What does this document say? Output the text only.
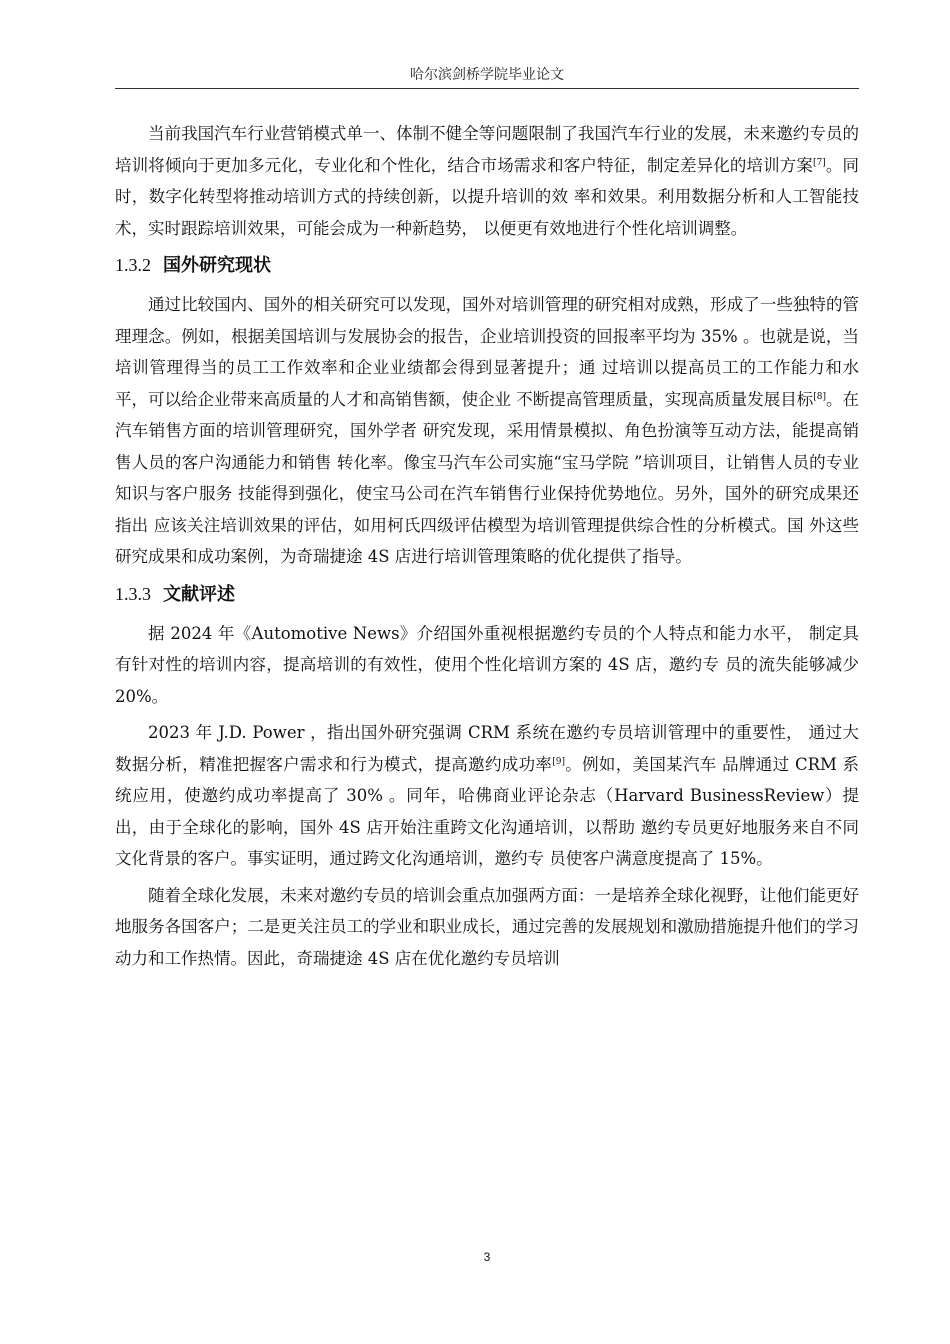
哈尔滨剑桥学院毕业论文

当前我国汽车行业营销模式单一、体制不健全等问题限制了我国汽车行业的发展，未来邀约专员的培训将倾向于更加多元化，专业化和个性化，结合市场需求和客户特征，制定差异化的培训方案[7]。同时，数字化转型将推动培训方式的持续创新，以提升培训的效 率和效果。利用数据分析和人工智能技术，实时跟踪培训效果，可能会成为一种新趋势， 以便更有效地进行个性化培训调整。

1.3.2 国外研究现状

通过比较国内、国外的相关研究可以发现，国外对培训管理的研究相对成熟，形成了一些独特的管理理念。例如，根据美国培训与发展协会的报告，企业培训投资的回报率平均为 35% 。也就是说，当培训管理得当的员工工作效率和企业业绩都会得到显著提升；通 过培训以提高员工的工作能力和水平，可以给企业带来高质量的人才和高销售额，使企业 不断提高管理质量，实现高质量发展目标[8]。在汽车销售方面的培训管理研究，国外学者 研究发现，采用情景模拟、角色扮演等互动方法，能提高销售人员的客户沟通能力和销售 转化率。像宝马汽车公司实施“宝马学院 ”培训项目，让销售人员的专业知识与客户服务 技能得到强化，使宝马公司在汽车销售行业保持优势地位。另外，国外的研究成果还指出 应该关注培训效果的评估，如用柯氏四级评估模型为培训管理提供综合性的分析模式。国 外这些研究成果和成功案例，为奇瑞捷途 4S 店进行培训管理策略的优化提供了指导。

1.3.3 文献评述

据 2024 年《Automotive News》介绍国外重视根据邀约专员的个人特点和能力水平， 制定具有针对性的培训内容，提高培训的有效性，使用个性化培训方案的 4S 店，邀约专 员的流失能够减少 20%。

2023 年 J.D. Power ，指出国外研究强调 CRM 系统在邀约专员培训管理中的重要性， 通过大数据分析，精准把握客户需求和行为模式，提高邀约成功率[9]。例如，美国某汽车 品牌通过 CRM 系统应用，使邀约成功率提高了 30% 。同年，哈佛商业评论杂志（Harvard BusinessReview）提出，由于全球化的影响，国外 4S 店开始注重跨文化沟通培训，以帮助 邀约专员更好地服务来自不同文化背景的客户。事实证明，通过跨文化沟通培训，邀约专 员使客户满意度提高了 15%。

随着全球化发展，未来对邀约专员的培训会重点加强两方面：一是培养全球化视野，让他们能更好地服务各国客户；二是更关注员工的学业和职业成长，通过完善的发展规划和激励措施提升他们的学习动力和工作热情。因此，奇瑞捷途 4S 店在优化邀约专员培训

3
